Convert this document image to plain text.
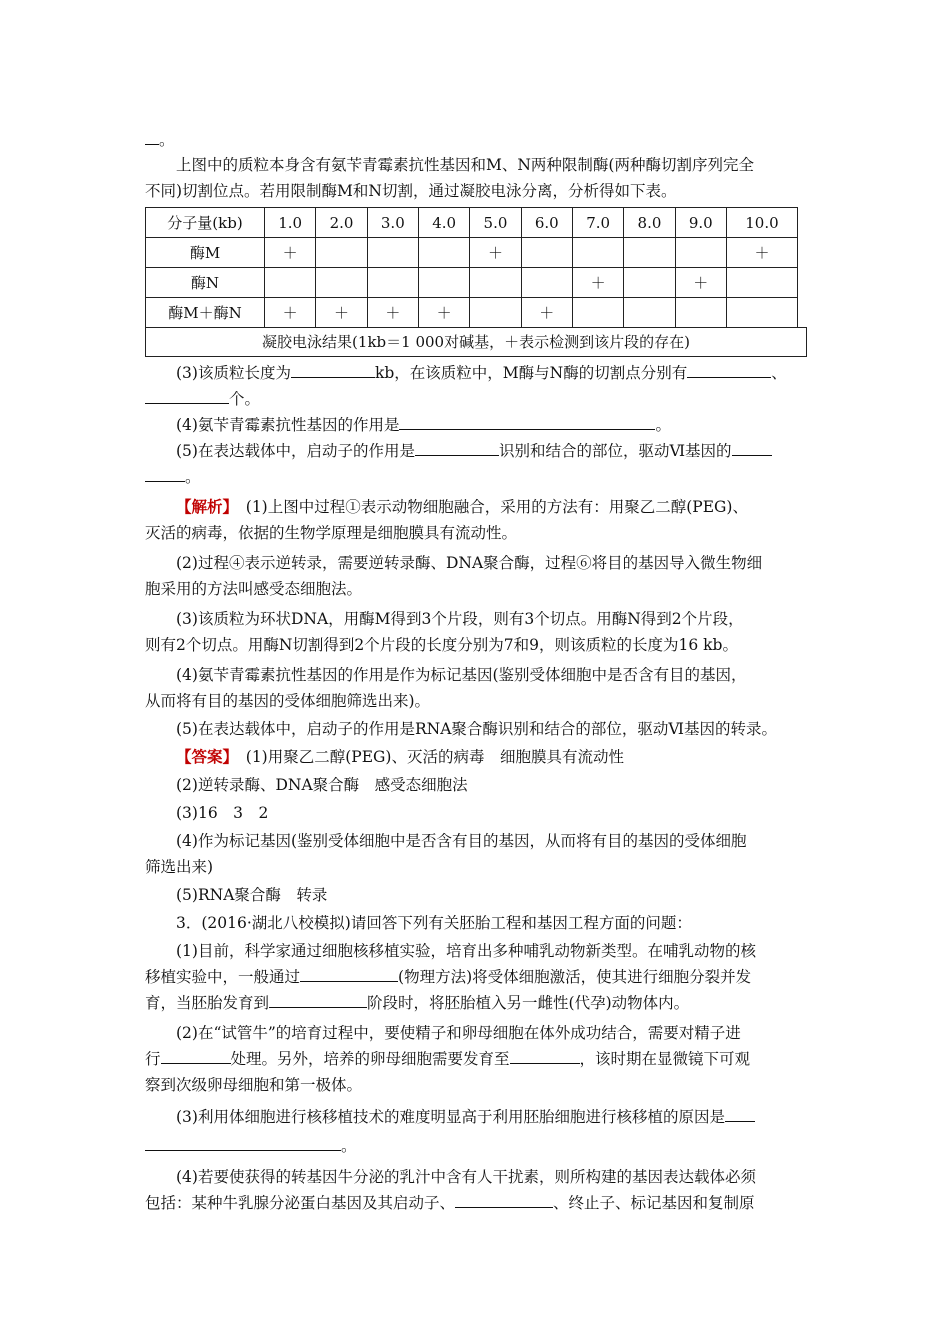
。
上图中的质粒本身含有氨苄青霉素抗性基因和M、N两种限制酶(两种酶切割序列完全
不同)切割位点。若用限制酶M和N切割，通过凝胶电泳分离，分析得如下表。
分子量(kb)	1.0	2.0	3.0	4.0	5.0	6.0	7.0	8.0	9.0	10.0
酶M	＋				＋					＋
酶N							＋		＋	
酶M＋酶N	＋	＋	＋	＋		＋				
凝胶电泳结果(1kb＝1 000对碱基，＋表示检测到该片段的存在)
(3)该质粒长度为	kb，在该质粒中，M酶与N酶的切割点分别有	、
个。
(4)氨苄青霉素抗性基因的作用是	。
(5)在表达载体中，启动子的作用是	识别和结合的部位，驱动Ⅵ基因的
。
【解析】　(1)上图中过程①表示动物细胞融合，采用的方法有：用聚乙二醇(PEG)、
灭活的病毒，依据的生物学原理是细胞膜具有流动性。
(2)过程④表示逆转录，需要逆转录酶、DNA聚合酶，过程⑥将目的基因导入微生物细
胞采用的方法叫感受态细胞法。
(3)该质粒为环状DNA，用酶M得到3个片段，则有3个切点。用酶N得到2个片段，
则有2个切点。用酶N切割得到2个片段的长度分别为7和9，则该质粒的长度为16 kb。
(4)氨苄青霉素抗性基因的作用是作为标记基因(鉴别受体细胞中是否含有目的基因，
从而将有目的基因的受体细胞筛选出来)。
(5)在表达载体中，启动子的作用是RNA聚合酶识别和结合的部位，驱动Ⅵ基因的转录。
【答案】　(1)用聚乙二醇(PEG)、灭活的病毒　细胞膜具有流动性
(2)逆转录酶、DNA聚合酶　感受态细胞法
(3)16　3　2
(4)作为标记基因(鉴别受体细胞中是否含有目的基因，从而将有目的基因的受体细胞
筛选出来)
(5)RNA聚合酶　转录
3．(2016·湖北八校模拟)请回答下列有关胚胎工程和基因工程方面的问题：
(1)目前，科学家通过细胞核移植实验，培育出多种哺乳动物新类型。在哺乳动物的核
移植实验中，一般通过	(物理方法)将受体细胞激活，使其进行细胞分裂并发
育，当胚胎发育到	阶段时，将胚胎植入另一雌性(代孕)动物体内。
(2)在“试管牛”的培育过程中，要使精子和卵母细胞在体外成功结合，需要对精子进
行	处理。另外，培养的卵母细胞需要发育至	，该时期在显微镜下可观
察到次级卵母细胞和第一极体。
(3)利用体细胞进行核移植技术的难度明显高于利用胚胎细胞进行核移植的原因是
。
(4)若要使获得的转基因牛分泌的乳汁中含有人干扰素，则所构建的基因表达载体必须
包括：某种牛乳腺分泌蛋白基因及其启动子、	、终止子、标记基因和复制原
